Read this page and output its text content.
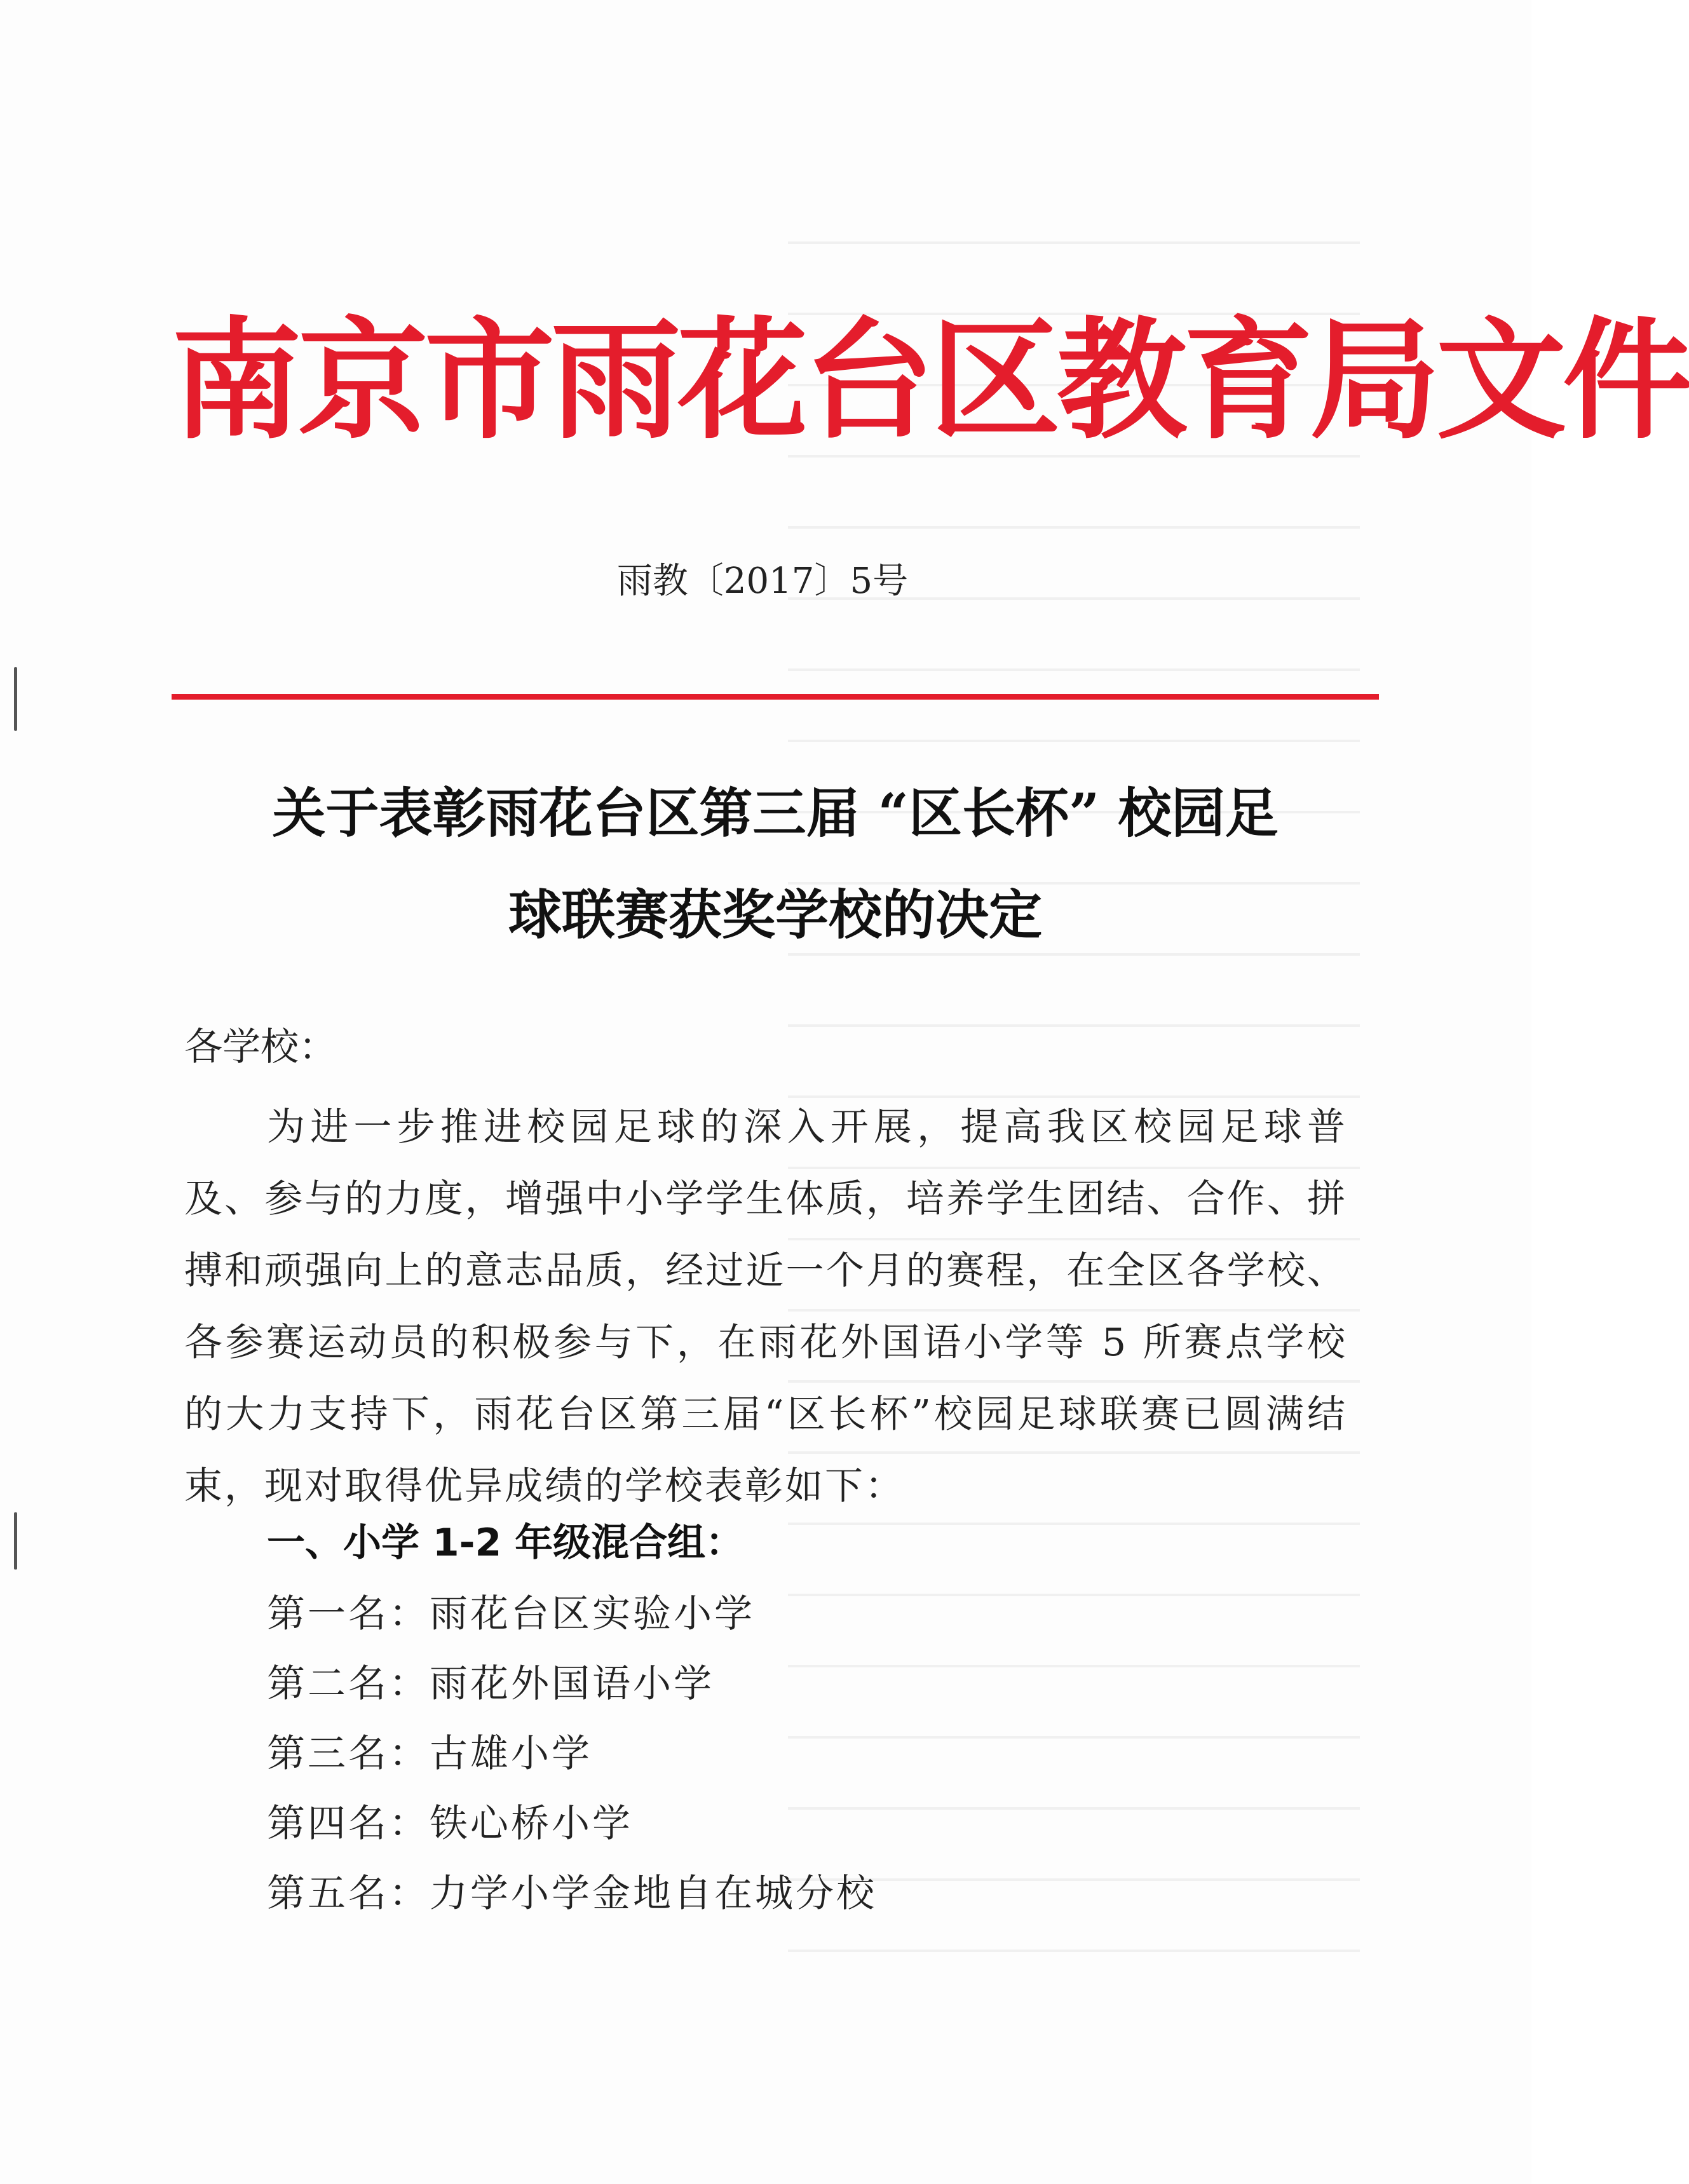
南京市雨花台区教育局文件
雨教〔2017〕5号
关于表彰雨花台区第三届 “区长杯” 校园足
球联赛获奖学校的决定
各学校：
为进一步推进校园足球的深入开展，提高我区校园足球普及、参与的力度，增强中小学学生体质，培养学生团结、合作、拼搏和顽强向上的意志品质，经过近一个月的赛程，在全区各学校、各参赛运动员的积极参与下，在雨花外国语小学等 5 所赛点学校的大力支持下，雨花台区第三届“区长杯”校园足球联赛已圆满结束，现对取得优异成绩的学校表彰如下：
一、小学 1-2 年级混合组：
第一名：雨花台区实验小学
第二名：雨花外国语小学
第三名：古雄小学
第四名：铁心桥小学
第五名：力学小学金地自在城分校
